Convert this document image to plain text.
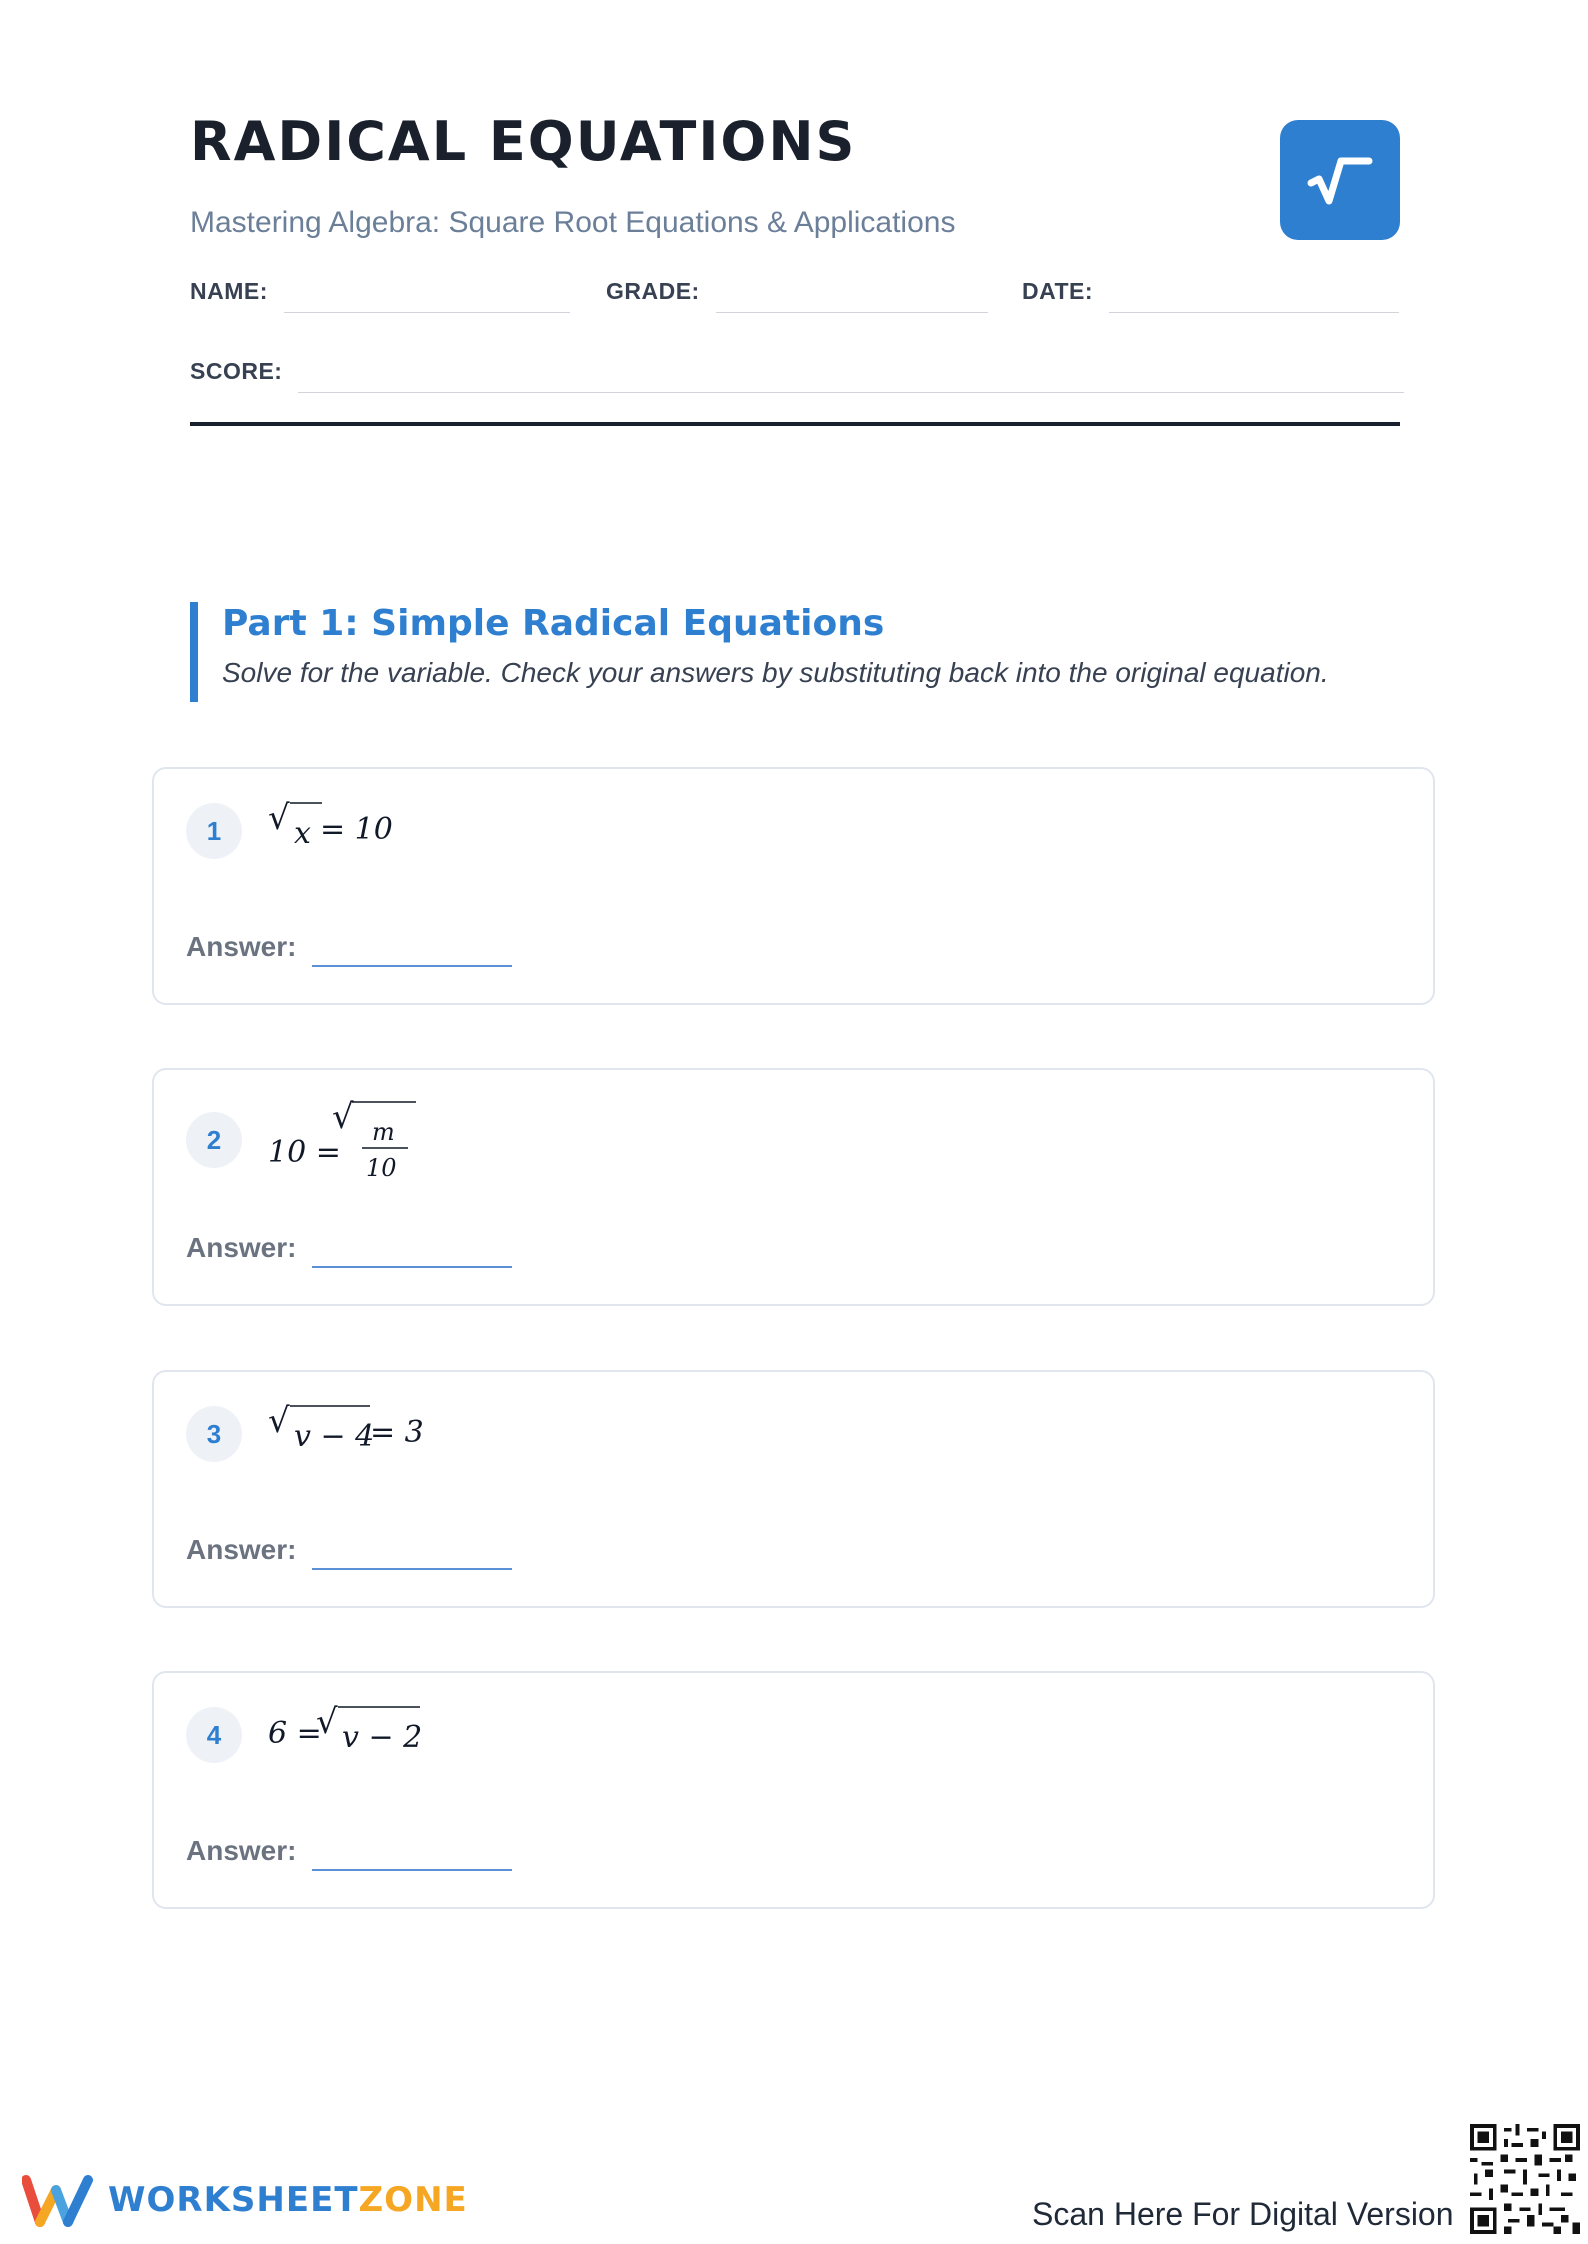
RADICAL EQUATIONS

Mastering Algebra: Square Root Equations & Applications

NAME:	GRADE:	DATE:
SCORE:
Part 1: Simple Radical Equations

Solve for the variable. Check your answers by substituting back into the original equation.

1	√ x = 10
Answer:
2	10 =
√ m
10
Answer:
3	√ v − 4
= 3
Answer:
4	6 =
√ v − 2
Answer:
WORKSHEETZONE	Scan Here For Digital Version
